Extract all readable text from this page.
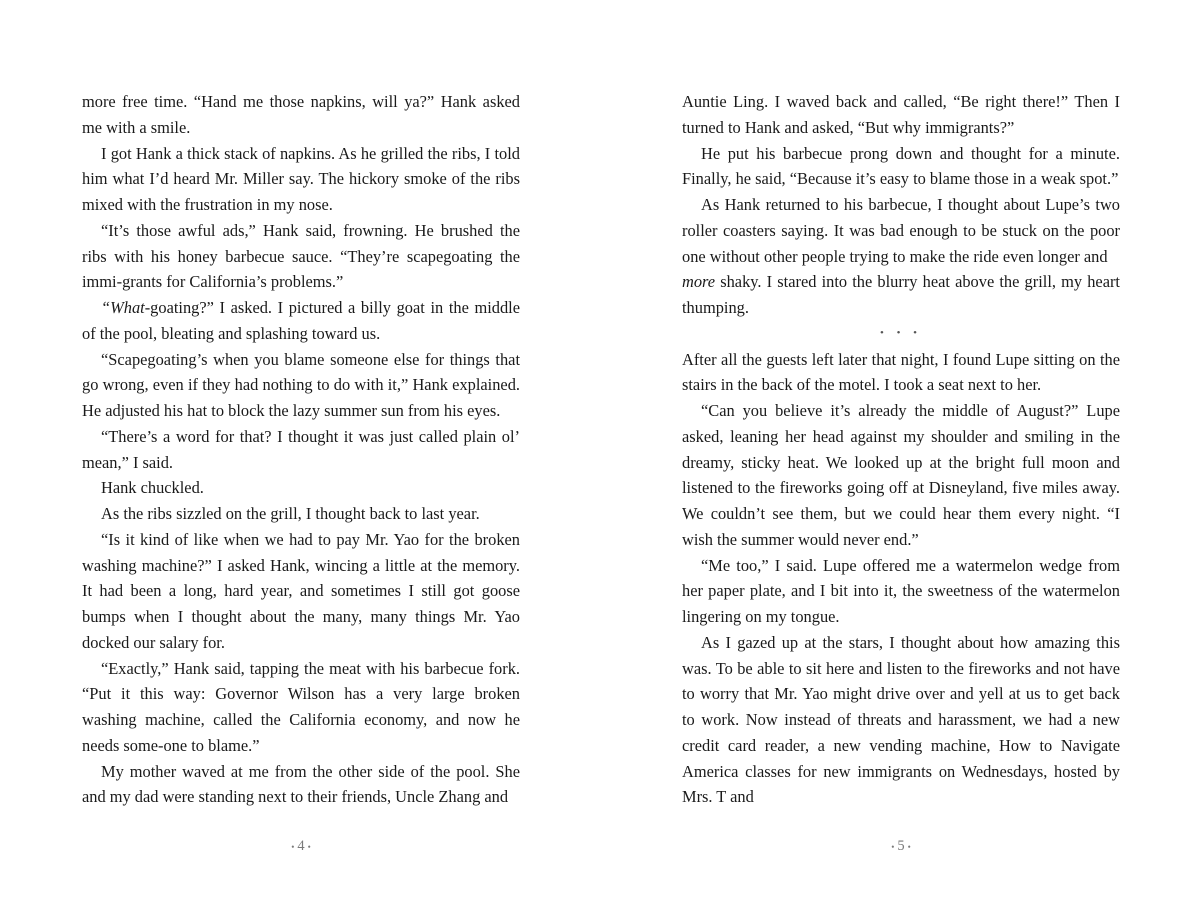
more free time. “Hand me those napkins, will ya?” Hank asked me with a smile.

I got Hank a thick stack of napkins. As he grilled the ribs, I told him what I’d heard Mr. Miller say. The hickory smoke of the ribs mixed with the frustration in my nose.

“It’s those awful ads,” Hank said, frowning. He brushed the ribs with his honey barbecue sauce. “They’re scapegoating the immi-grants for California’s problems.”

“What-goating?” I asked. I pictured a billy goat in the middle of the pool, bleating and splashing toward us.

“Scapegoating’s when you blame someone else for things that go wrong, even if they had nothing to do with it,” Hank explained. He adjusted his hat to block the lazy summer sun from his eyes.

“There’s a word for that? I thought it was just called plain ol’ mean,” I said.

Hank chuckled.

As the ribs sizzled on the grill, I thought back to last year.

“Is it kind of like when we had to pay Mr. Yao for the broken washing machine?” I asked Hank, wincing a little at the memory. It had been a long, hard year, and sometimes I still got goose bumps when I thought about the many, many things Mr. Yao docked our salary for.

“Exactly,” Hank said, tapping the meat with his barbecue fork. “Put it this way: Governor Wilson has a very large broken washing machine, called the California economy, and now he needs some-one to blame.”

My mother waved at me from the other side of the pool. She and my dad were standing next to their friends, Uncle Zhang and

• 4 •

Auntie Ling. I waved back and called, “Be right there!” Then I turned to Hank and asked, “But why immigrants?”

He put his barbecue prong down and thought for a minute. Finally, he said, “Because it’s easy to blame those in a weak spot.”

As Hank returned to his barbecue, I thought about Lupe’s two roller coasters saying. It was bad enough to be stuck on the poor one without other people trying to make the ride even longer and
more shaky. I stared into the blurry heat above the grill, my heart thumping.

• • •

After all the guests left later that night, I found Lupe sitting on the stairs in the back of the motel. I took a seat next to her.

“Can you believe it’s already the middle of August?” Lupe asked, leaning her head against my shoulder and smiling in the dreamy, sticky heat. We looked up at the bright full moon and listened to the fireworks going off at Disneyland, five miles away. We couldn’t see them, but we could hear them every night. “I wish the summer would never end.”

“Me too,” I said. Lupe offered me a watermelon wedge from her paper plate, and I bit into it, the sweetness of the watermelon lingering on my tongue.

As I gazed up at the stars, I thought about how amazing this was. To be able to sit here and listen to the fireworks and not have to worry that Mr. Yao might drive over and yell at us to get back to work. Now instead of threats and harassment, we had a new credit card reader, a new vending machine, How to Navigate America classes for new immigrants on Wednesdays, hosted by Mrs. T and

• 5 •
